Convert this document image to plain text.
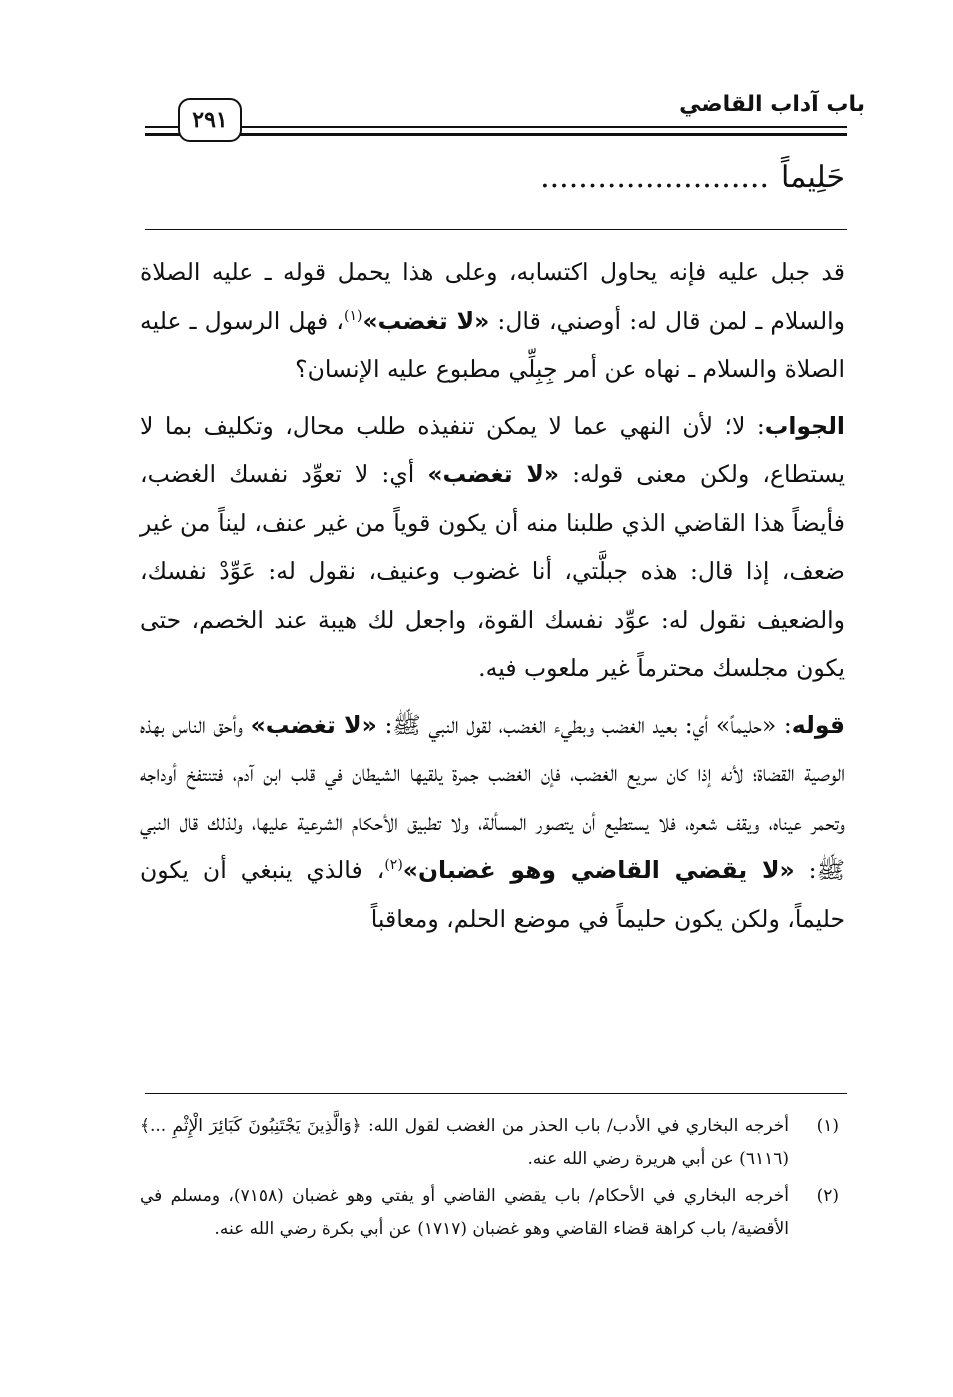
باب آداب القاضي
٢٩١
حَلِيماً........................

قد جبل عليه فإنه يحاول اكتسابه، وعلى هذا يحمل قوله ـ عليه الصلاة والسلام ـ لمن قال له: أوصني، قال: «لا تغضب»$^{(١)}$، فهل الرسول ـ عليه الصلاة والسلام ـ نهاه عن أمر جِبِلِّي مطبوع عليه الإنسان؟

الجواب: لا؛ لأن النهي عما لا يمكن تنفيذه طلب محال، وتكليف بما لا يستطاع، ولكن معنى قوله: «لا تغضب» أي: لا تعوِّد نفسك الغضب، فأيضاً هذا القاضي الذي طلبنا منه أن يكون قوياً من غير عنف، ليناً من غير ضعف، إذا قال: هذه جبلَّتي، أنا غضوب وعنيف، نقول له: عَوِّدْ نفسك، والضعيف نقول له: عوِّد نفسك القوة، واجعل لك هيبة عند الخصم، حتى يكون مجلسك محترماً غير ملعوب فيه.

قوله: «حليماً» أي: بعيد الغضب وبطيء الغضب، لقول النبي ﷺ: «لا تغضب» وأحق الناس بهذه الوصية القضاة؛ لأنه إذا كان سريع الغضب، فإن الغضب جمرة يلقيها الشيطان في قلب ابن آدم، فتنتفخ أوداجه وتحمر عيناه، ويقف شعره، فلا يستطيع أن يتصور المسألة، ولا تطبيق الأحكام الشرعية عليها، ولذلك قال النبي ﷺ: «لا يقضي القاضي وهو غضبان»$^{(٢)}$، فالذي ينبغي أن يكون حليماً، ولكن يكون حليماً في موضع الحلم، ومعاقباً

(١)
أخرجه البخاري في الأدب/ باب الحذر من الغضب لقول الله: ﴿وَالَّذِينَ يَجْتَنِبُونَ كَبَائِرَ الْإِثْمِ ...﴾ (٦١١٦) عن أبي هريرة رضي الله عنه.
(٢)
أخرجه البخاري في الأحكام/ باب يقضي القاضي أو يفتي وهو غضبان (٧١٥٨)، ومسلم في الأقضية/ باب كراهة قضاء القاضي وهو غضبان (١٧١٧) عن أبي بكرة رضي الله عنه.
